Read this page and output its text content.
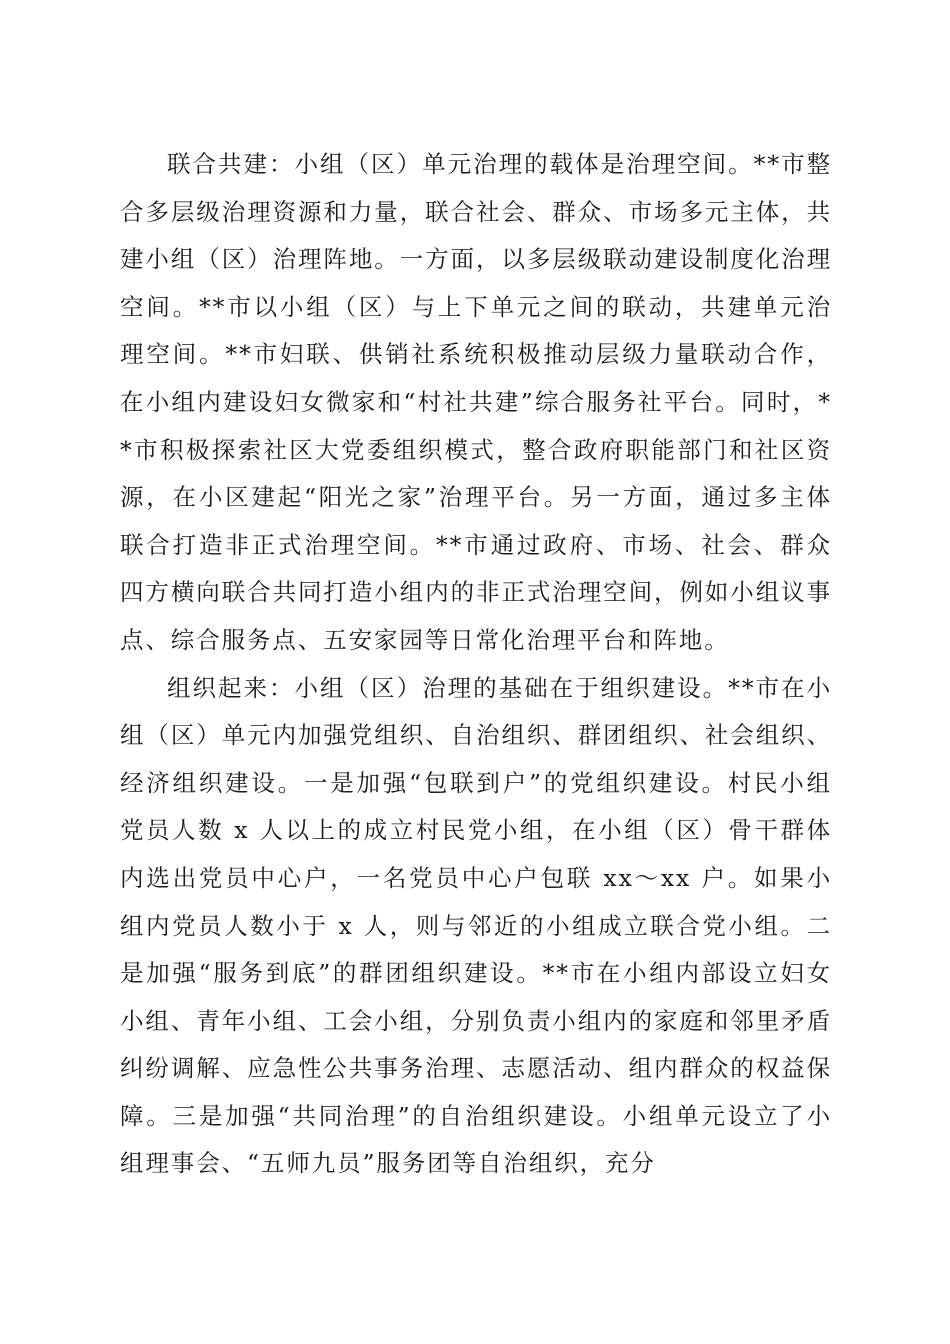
联合共建：小组（区）单元治理的载体是治理空间。**市整合多层级治理资源和力量，联合社会、群众、市场多元主体，共建小组（区）治理阵地。一方面，以多层级联动建设制度化治理空间。**市以小组（区）与上下单元之间的联动，共建单元治理空间。**市妇联、供销社系统积极推动层级力量联动合作，在小组内建设妇女微家和“村社共建”综合服务社平台。同时，**市积极探索社区大党委组织模式，整合政府职能部门和社区资源，在小区建起“阳光之家”治理平台。另一方面，通过多主体联合打造非正式治理空间。**市通过政府、市场、社会、群众四方横向联合共同打造小组内的非正式治理空间，例如小组议事点、综合服务点、五安家园等日常化治理平台和阵地。

组织起来：小组（区）治理的基础在于组织建设。**市在小组（区）单元内加强党组织、自治组织、群团组织、社会组织、经济组织建设。一是加强“包联到户”的党组织建设。村民小组党员人数 x 人以上的成立村民党小组，在小组（区）骨干群体内选出党员中心户，一名党员中心户包联 xx～xx 户。如果小组内党员人数小于 x 人，则与邻近的小组成立联合党小组。二是加强“服务到底”的群团组织建设。**市在小组内部设立妇女小组、青年小组、工会小组，分别负责小组内的家庭和邻里矛盾纠纷调解、应急性公共事务治理、志愿活动、组内群众的权益保障。三是加强“共同治理”的自治组织建设。小组单元设立了小组理事会、“五师九员”服务团等自治组织，充分
